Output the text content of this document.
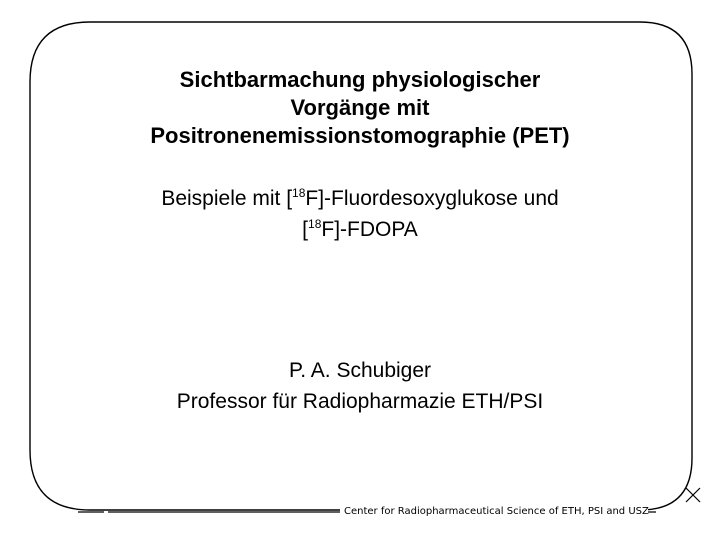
Sichtbarmachung physiologischer
Vorgänge mit
Positronenemissionstomographie (PET)
Beispiele mit [$^{18}$F]-Fluordesoxyglukose und
[$^{18}$F]-FDOPA
P. A. Schubiger
Professor für Radiopharmazie ETH/PSI
Center for Radiopharmaceutical Science of ETH, PSI and USZ
